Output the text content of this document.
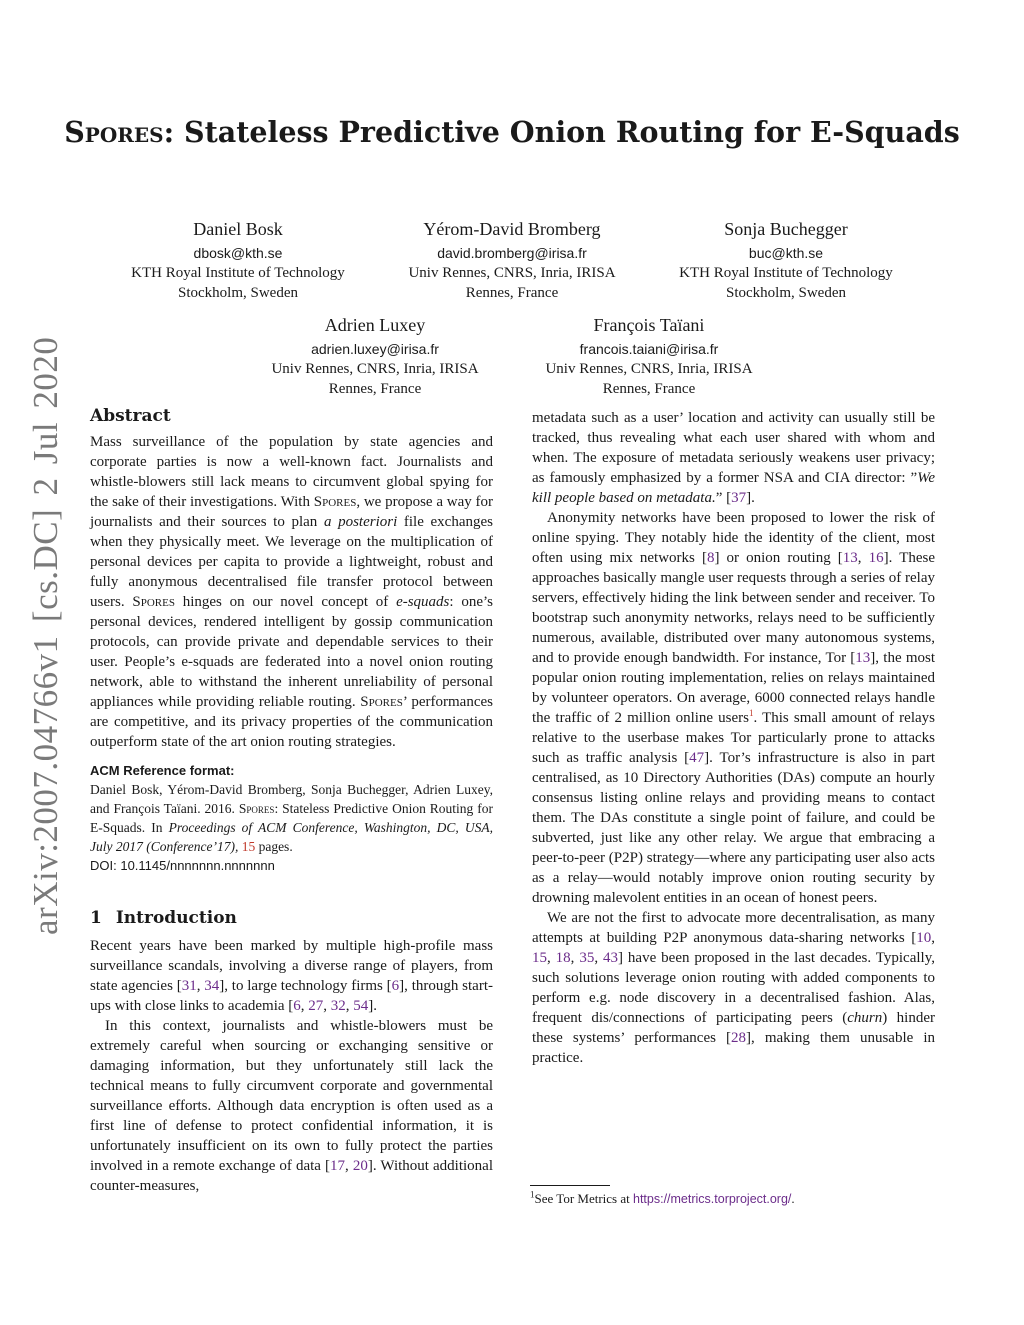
arXiv:2007.04766v1 [cs.DC] 2 Jul 2020
Spores: Stateless Predictive Onion Routing for E-Squads
Daniel Bosk
dbosk@kth.se
KTH Royal Institute of Technology
Stockholm, Sweden
Yérom-David Bromberg
david.bromberg@irisa.fr
Univ Rennes, CNRS, Inria, IRISA
Rennes, France
Sonja Buchegger
buc@kth.se
KTH Royal Institute of Technology
Stockholm, Sweden
Adrien Luxey
adrien.luxey@irisa.fr
Univ Rennes, CNRS, Inria, IRISA
Rennes, France
François Taïani
francois.taiani@irisa.fr
Univ Rennes, CNRS, Inria, IRISA
Rennes, France
Abstract

Mass surveillance of the population by state agencies and corporate parties is now a well-known fact. Journalists and whistle-blowers still lack means to circumvent global spying for the sake of their investigations. With Spores, we propose a way for journalists and their sources to plan a posteriori file exchanges when they physically meet. We leverage on the multiplication of personal devices per capita to provide a lightweight, robust and fully anonymous decentralised file transfer protocol between users. Spores hinges on our novel concept of e-squads: one’s personal devices, rendered intelligent by gossip communication protocols, can provide private and dependable services to their user. People’s e-squads are federated into a novel onion routing network, able to withstand the inherent unreliability of personal appliances while providing reliable routing. Spores’ performances are competitive, and its privacy properties of the communication outperform state of the art onion routing strategies.

ACM Reference format:
Daniel Bosk, Yérom-David Bromberg, Sonja Buchegger, Adrien Luxey, and François Taïani. 2016. Spores: Stateless Predictive Onion Routing for E-Squads. In Proceedings of ACM Conference, Washington, DC, USA, July 2017 (Conference’17), 15 pages.
DOI: 10.1145/nnnnnnn.nnnnnnn
1 Introduction

Recent years have been marked by multiple high-profile mass surveillance scandals, involving a diverse range of players, from state agencies [31, 34], to large technology firms [6], through start-ups with close links to academia [6, 27, 32, 54].

In this context, journalists and whistle-blowers must be extremely careful when sourcing or exchanging sensitive or damaging information, but they unfortunately still lack the technical means to fully circumvent corporate and governmental surveillance efforts. Although data encryption is often used as a first line of defense to protect confidential information, it is unfortunately insufficient on its own to fully protect the parties involved in a remote exchange of data [17, 20]. Without additional counter-measures,

metadata such as a user’ location and activity can usually still be tracked, thus revealing what each user shared with whom and when. The exposure of metadata seriously weakens user privacy; as famously emphasized by a former NSA and CIA director: ”We kill people based on metadata.” [37].

Anonymity networks have been proposed to lower the risk of online spying. They notably hide the identity of the client, most often using mix networks [8] or onion routing [13, 16]. These approaches basically mangle user requests through a series of relay servers, effectively hiding the link between sender and receiver. To bootstrap such anonymity networks, relays need to be sufficiently numerous, available, distributed over many autonomous systems, and to provide enough bandwidth. For instance, Tor [13], the most popular onion routing implementation, relies on relays maintained by volunteer operators. On average, 6000 connected relays handle the traffic of 2 million online users$^1$. This small amount of relays relative to the userbase makes Tor particularly prone to attacks such as traffic analysis [47]. Tor’s infrastructure is also in part centralised, as 10 Directory Authorities (DAs) compute an hourly consensus listing online relays and providing means to contact them. The DAs constitute a single point of failure, and could be subverted, just like any other relay. We argue that embracing a peer-to-peer (P2P) strategy—where any participating user also acts as a relay—would notably improve onion routing security by drowning malevolent entities in an ocean of honest peers.

We are not the first to advocate more decentralisation, as many attempts at building P2P anonymous data-sharing networks [10, 15, 18, 35, 43] have been proposed in the last decades. Typically, such solutions leverage onion routing with added components to perform e.g. node discovery in a decentralised fashion. Alas, frequent dis/connections of participating peers (churn) hinder these systems’ performances [28], making them unusable in practice.

$^1$See Tor Metrics at https://metrics.torproject.org/.
